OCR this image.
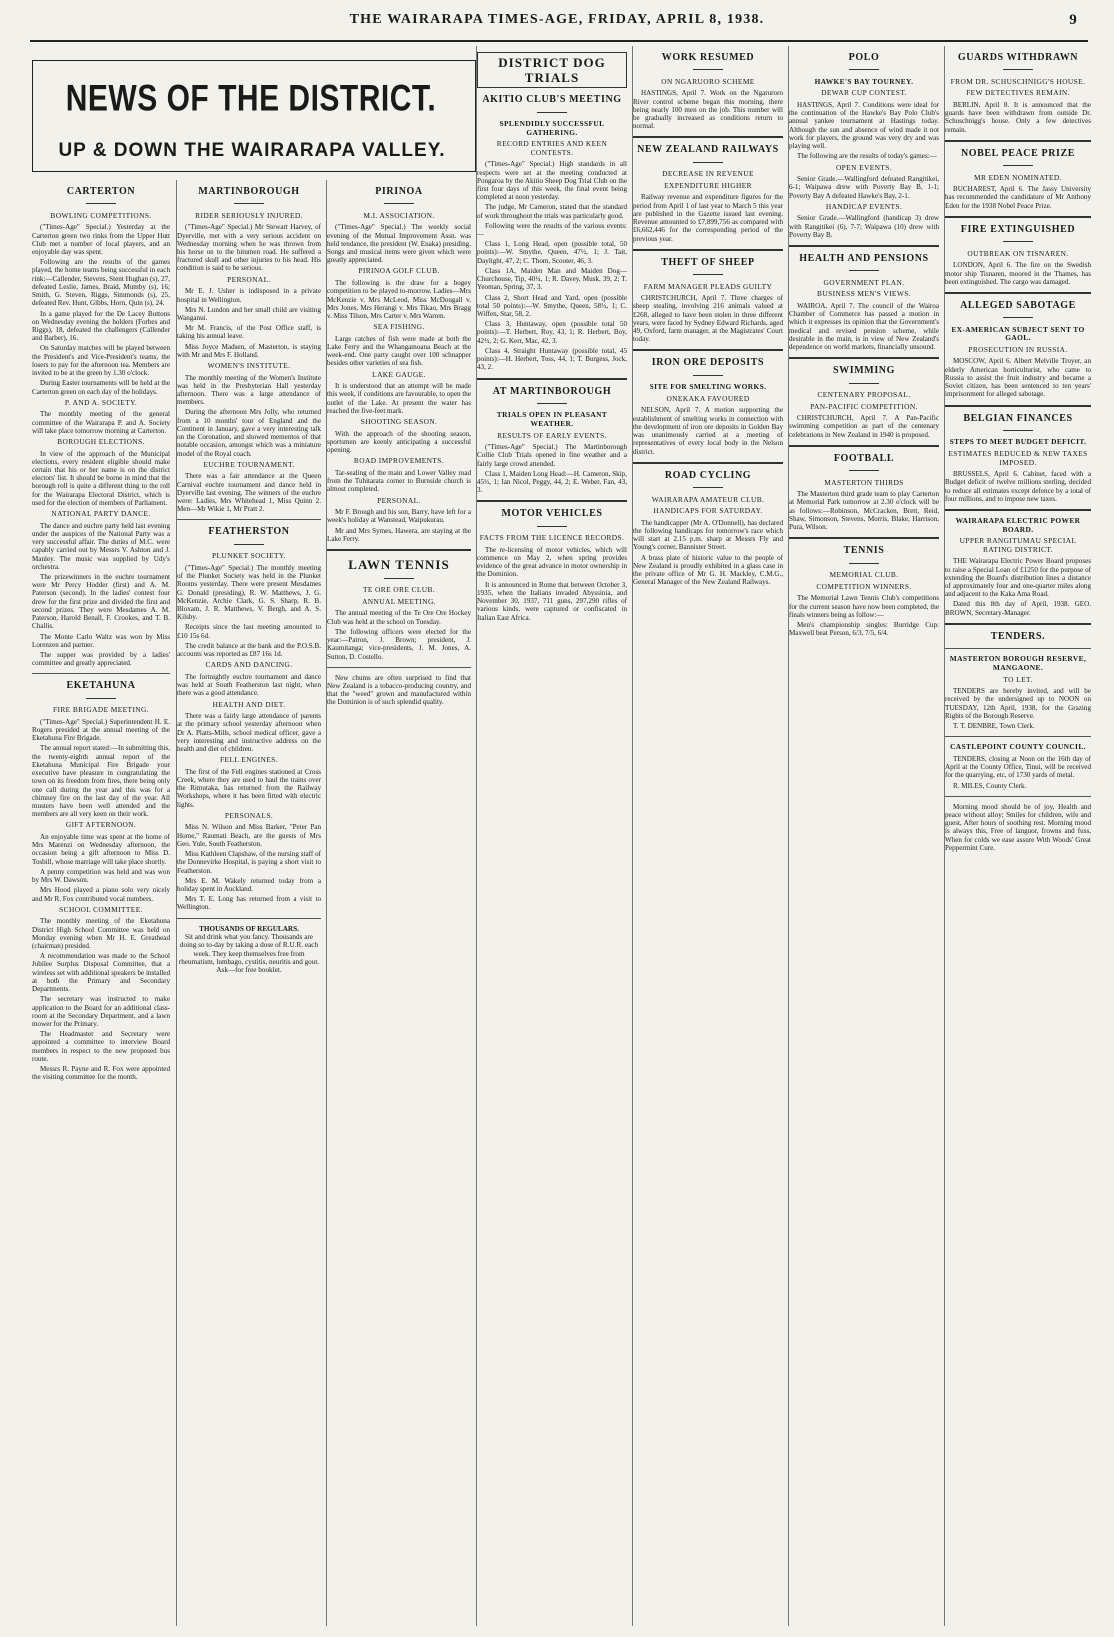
THE WAIRARAPA TIMES-AGE, FRIDAY, APRIL 8, 1938.	9
NEWS OF THE DISTRICT.
UP & DOWN THE WAIRARAPA VALLEY.
CARTERTON
BOWLING COMPETITIONS.

("Times-Age" Special.) Yesterday at the Carterton green two rinks from the Upper Hutt Club met a number of local players, and an enjoyable day was spent.

Following are the results of the games played, the home teams being successful in each rink:—Callender, Stevens, Stent Hughan (s), 27, defeated Leslie, James, Braid, Mumby (s), 16; Smith, G. Steven, Riggs, Simmonds (s), 25, defeated Rev. Hunt, Gibbs, Horn, Quin (s), 24.

In a game played for the De Lacey Buttons on Wednesday evening the holders (Forbes and Riggs), 18, defeated the challengers (Callender and Barber), 16.

On Saturday matches will be played between the President's and Vice-President's teams, the losers to pay for the afternoon tea. Members are invited to be at the green by 1.30 o'clock.

During Easter tournaments will be held at the Carterton green on each day of the holidays.

P. AND A. SOCIETY.

The monthly meeting of the general committee of the Wairarapa P. and A. Society will take place tomorrow morning at Carterton.

BOROUGH ELECTIONS.

In view of the approach of the Municipal elections, every resident eligible should make certain that his or her name is on the district electors' list. It should be borne in mind that the borough roll is quite a different thing to the roll for the Wairarapa Electoral District, which is used for the election of members of Parliament.

NATIONAL PARTY DANCE.

The dance and euchre party held last evening under the auspices of the National Party was a very successful affair. The duties of M.C. were capably carried out by Messrs V. Ashton and J. Manley. The music was supplied by Udy's orchestra.

The prizewinners in the euchre tournament were Mr Percy Hodder (first) and A. M. Paterson (second). In the ladies' contest four drew for the first prize and divided the first and second prizes. They were Mesdames A. M. Paterson, Harold Benall, F. Crookes, and T. B. Challis.

The Monte Carlo Waltz was won by Miss Lorenzen and partner.

The supper was provided by a ladies' committee and greatly appreciated.

EKETAHUNA
FIRE BRIGADE MEETING.

("Times-Age" Special.) Superintendent H. E. Rogers presided at the annual meeting of the Eketahuna Fire Brigade.

The annual report stated:—In submitting this, the twenty-eighth annual report of the Eketahuna Municipal Fire Brigade your executive have pleasure in congratulating the town on its freedom from fires, there being only one call during the year and this was for a chimney fire on the last day of the year. All musters have been well attended and the members are all very keen on their work.

GIFT AFTERNOON.

An enjoyable time was spent at the home of Mrs Marenzi on Wednesday afternoon, the occasion being a gift afternoon to Miss D. Tosbill, whose marriage will take place shortly.

A penny competition was held and was won by Mrs W. Dawson.

Mrs Hood played a piano solo very nicely and Mr R. Fox contributed vocal numbers.

SCHOOL COMMITTEE.

The monthly meeting of the Eketahuna District High School Committee was held on Monday evening when Mr H. E. Greathead (chairman) presided.

A recommendation was made to the School Jubilee Surplus Disposal Committee, that a wireless set with additional speakers be installed at both the Primary and Secondary Departments.

The secretary was instructed to make application to the Board for an additional class-room at the Secondary Department, and a lawn mower for the Primary.

The Headmaster and Secretary were appointed a committee to interview Board members in respect to the new proposed bus route.

Messrs R. Payne and R. Fox were appointed the visiting committee for the month.

MARTINBOROUGH
RIDER SERIOUSLY INJURED.

("Times-Age" Special.) Mr Stewart Harvey, of Dyerville, met with a very serious accident on Wednesday morning when he was thrown from his horse on to the bitumen road. He suffered a fractured skull and other injuries to his head. His condition is said to be serious.

PERSONAL.

Mr E. J. Usher is indisposed in a private hospital in Wellington.

Mrs N. Lundon and her small child are visiting Wanganui.

Mr M. Francis, of the Post Office staff, is taking his annual leave.

Miss Joyce Madsen, of Masterton, is staying with Mr and Mrs F. Holland.

WOMEN'S INSTITUTE.

The monthly meeting of the Women's Institute was held in the Presbyterian Hall yesterday afternoon. There was a large attendance of members.

During the afternoon Mrs Jolly, who returned from a 10 months' tour of England and the Continent in January, gave a very interesting talk on the Coronation, and showed mementos of that notable occasion, amongst which was a miniature model of the Royal coach.

EUCHRE TOURNAMENT.

There was a fair attendance at the Queen Carnival euchre tournament and dance held in Dyerville last evening. The winners of the euchre were: Ladies, Mrs Whitehead 1, Miss Quinn 2. Men—Mr Wikie 1, Mr Pratt 2.

FEATHERSTON
PLUNKET SOCIETY.

("Times-Age" Special.) The monthly meeting of the Plunket Society was held in the Plunket Rooms yesterday. There were present Mesdames G. Donald (presiding), R. W. Matthews, J. G. McKenzie, Archie Clark, G. S. Sharp, R. B. Bloxam, J. R. Matthews, V. Bergh, and A. S. Kilsby.

Receipts since the last meeting amounted to £10 15s 6d.

The credit balance at the bank and the P.O.S.B. accounts was reported as £87 16s 1d.

CARDS AND DANCING.

The fortnightly euchre tournament and dance was held at South Featherston last night, when there was a good attendance.

HEALTH AND DIET.

There was a fairly large attendance of parents at the primary school yesterday afternoon when Dr A. Platts-Mills, school medical officer, gave a very interesting and instructive address on the health and diet of children.

FELL ENGINES.

The first of the Fell engines stationed at Cross Creek, where they are used to haul the trains over the Rimutaka, has returned from the Railway Workshops, where it has been fitted with electric lights.

PERSONALS.

Miss N. Wilson and Miss Barker, "Peter Pan Home," Raumati Beach, are the guests of Mrs Geo. Yule, South Featherston.

Miss Kathleen Clapshaw, of the nursing staff of the Donnevirke Hospital, is paying a short visit to Featherston.

Mrs E. M. Wakely returned today from a holiday spent in Auckland.

Mrs T. E. Long has returned from a visit to Wellington.

THOUSANDS OF REGULARS.
Sit and drink what you fancy. Thousands are doing so to-day by taking a dose of R.U.R. each week. They keep themselves free from rheumatism, lumbago, cystitis, neuritis and gout. Ask—for free booklet.
PIRINOA
M.I. ASSOCIATION.

("Times-Age" Special.) The weekly social evening of the Mutual Improvement Assn. was held tendance, the president (W. Enaka) presiding. Songs and musical items were given which were greatly appreciated.

PIRINOA GOLF CLUB.

The following is the draw for a bogey competition to be played to-morrow. Ladies—Mrs McKenzie v. Mrs McLeod, Miss McDougall v. Mrs Jones, Mrs Herangi v. Mrs Tikao, Mrs Bragg v. Miss Tilson, Mrs Carter v. Mrs Warren.

SEA FISHING.

Large catches of fish were made at both the Lake Ferry and the Whangamoana Beach at the week-end. One party caught over 100 schnapper besides other varieties of sea fish.

LAKE GAUGE.

It is understood that an attempt will be made this week, if conditions are favourable, to open the outlet of the Lake. At present the water has reached the five-feet mark.

SHOOTING SEASON.

With the approach of the shooting season, sportsmen are keenly anticipating a successful opening.

ROAD IMPROVEMENTS.

Tar-sealing of the main and Lower Valley road from the Tuhitarata corner to Burnside church is almost completed.

PERSONAL.

Mr F. Brough and his son, Barry, have left for a week's holiday at Wanstead, Waipukurau.

Mr and Mrs Symes, Hawera, are staying at the Lake Ferry.

LAWN TENNIS
TE ORE ORE CLUB.
ANNUAL MEETING.

The annual meeting of the Te Ore Ore Hockey Club was held at the school on Tuesday.

The following officers were elected for the year:—Patron, J. Brown; president, J. Kaumitanga; vice-presidents, J. M. Jones, A. Sutton, D. Costello.

New chums are often surprised to find that New Zealand is a tobacco-producing country, and that the "weed" grown and manufactured within the Dominion is of such splendid quality.

DISTRICT DOG TRIALS
AKITIO CLUB'S MEETING
SPLENDIDLY SUCCESSFUL GATHERING.
RECORD ENTRIES AND KEEN CONTESTS.

("Times-Age" Special.) High standards in all respects were set at the meeting conducted at Pongaroa by the Akitio Sheep Dog Trial Club on the first four days of this week, the final event being completed at noon yesterday.

The judge, Mr Cameron, stated that the standard of work throughout the trials was particularly good.

Following were the results of the various events:—

Class 1, Long Head, open (possible total, 50 points):—W. Smythe, Queen, 47½, 1; J. Tait, Daylight, 47, 2; C. Thom, Scooter, 46, 3.

Class 1A, Maiden Man and Maiden Dog—Churchouse, Tip, 40¼, 1; R. Davey, Musk, 39, 2; T. Yeoman, Spring, 37, 3.

Class 2, Short Head and Yard, open (possible total 50 points):—W. Smythe, Queen, 58½, 1; C. Wiffen, Star, 58, 2.

Class 3, Huntaway, open (possible total 50 points):—T. Herbert, Roy, 43, 1; R. Herbert, Boy, 42½, 2; G. Kerr, Mac, 42, 3.

Class 4, Straight Huntaway (possible total, 45 points):—H. Herbert, Toss, 44, 1; T. Burgess, Jock, 43, 2.

AT MARTINBOROUGH
TRIALS OPEN IN PLEASANT WEATHER.
RESULTS OF EARLY EVENTS.

("Times-Age" Special.) The Martinborough Collie Club Trials opened in fine weather and a fairly large crowd attended.

Class 1, Maiden Long Head:—H. Cameron, Skip, 45½, 1; Ian Nicol, Peggy, 44, 2; E. Weber, Fan, 43, 3.

MOTOR VEHICLES
FACTS FROM THE LICENCE RECORDS.

The re-licensing of motor vehicles, which will commence on May 2, when spring provides evidence of the great advance in motor ownership in the Dominion.

It is announced in Rome that between October 3, 1935, when the Italians invaded Abyssinia, and November 30, 1937, 711 guns, 297,290 rifles of various kinds, were captured or confiscated in Italian East Africa.

WORK RESUMED
ON NGARUORO SCHEME

HASTINGS, April 7. Work on the Ngaruroro River control scheme began this morning, there being nearly 100 men on the job. This number will be gradually increased as conditions return to normal.

NEW ZEALAND RAILWAYS
DECREASE IN REVENUE
EXPENDITURE HIGHER

Railway revenue and expenditure figures for the period from April 1 of last year to March 5 this year are published in the Gazette issued last evening. Revenue amounted to £7,899,756 as compared with £6,662,446 for the corresponding period of the previous year.

THEFT OF SHEEP
FARM MANAGER PLEADS GUILTY

CHRISTCHURCH, April 7. Three charges of sheep stealing, involving 216 animals valued at £268, alleged to have been stolen in three different years, were faced by Sydney Edward Richards, aged 49, Oxford, farm manager, at the Magistrates' Court today.

IRON ORE DEPOSITS
SITE FOR SMELTING WORKS.
ONEKAKA FAVOURED

NELSON, April 7. A motion supporting the establishment of smelting works in connection with the development of iron ore deposits in Golden Bay was unanimously carried at a meeting of representatives of every local body in the Nelson district.

ROAD CYCLING
WAIRARAPA AMATEUR CLUB.
HANDICAPS FOR SATURDAY.

The handicapper (Mr A. O'Donnell), has declared the following handicaps for tomorrow's race which will start at 2.15 p.m. sharp at Messrs Fly and Young's corner, Bannister Street.

A brass plate of historic value to the people of New Zealand is proudly exhibited in a glass case in the private office of Mr G. H. Mackley, C.M.G., General Manager of the New Zealand Railways.

POLO
HAWKE'S BAY TOURNEY.
DEWAR CUP CONTEST.

HASTINGS, April 7. Conditions were ideal for the continuation of the Hawke's Bay Polo Club's annual yankee tournament at Hastings today. Although the sun and absence of wind made it not work for players, the ground was very dry and was playing well.

The following are the results of today's games:—

OPEN EVENTS.

Senior Grade.—Wallingford defeated Rangitikei, 6-1; Waipawa drew with Poverty Bay B, 1-1; Poverty Bay A defeated Hawke's Bay, 2-1.

HANDICAP EVENTS.

Senior Grade.—Wallingford (handicap 3) drew with Rangitikei (6), 7-7; Waipawa (10) drew with Poverty Bay B.

HEALTH AND PENSIONS
GOVERNMENT PLAN.
BUSINESS MEN'S VIEWS.

WAIROA, April 7. The council of the Wairoa Chamber of Commerce has passed a motion in which it expresses its opinion that the Government's medical and revised pension scheme, while desirable in the main, is in view of New Zealand's dependence on world markets, financially unsound.

SWIMMING
CENTENARY PROPOSAL.
PAN-PACIFIC COMPETITION.

CHRISTCHURCH, April 7. A Pan-Pacific swimming competition as part of the centenary celebrations in New Zealand in 1940 is proposed.

FOOTBALL
MASTERTON THIRDS

The Masterton third grade team to play Carterton at Memorial Park tomorrow at 2.30 o'clock will be as follows:—Robinson, McCracken, Brett, Reid, Shaw, Simonson, Stevens, Morris, Blake, Harrison, Pura, Wilson.

TENNIS
MEMORIAL CLUB.
COMPETITION WINNERS.

The Memorial Lawn Tennis Club's competitions for the current season have now been completed, the finals winners being as follow:—

Men's championship singles: Burridge Cup: Maxwell beat Person, 6/3, 7/5, 6/4.

GUARDS WITHDRAWN
FROM DR. SCHUSCHNIGG'S HOUSE.
FEW DETECTIVES REMAIN.

BERLIN, April 8. It is announced that the guards have been withdrawn from outside Dr. Schuschnigg's house. Only a few detectives remain.

NOBEL PEACE PRIZE
MR EDEN NOMINATED.

BUCHAREST, April 6. The Jassy University has recommended the candidature of Mr Anthony Eden for the 1938 Nobel Peace Prize.

FIRE EXTINGUISHED
OUTBREAK ON TISNAREN.

LONDON, April 6. The fire on the Swedish motor ship Tisnaren, moored in the Thames, has been extinguished. The cargo was damaged.

ALLEGED SABOTAGE
EX-AMERICAN SUBJECT SENT TO GAOL.
PROSECUTION IN RUSSIA.

MOSCOW, April 6. Albert Melville Troyer, an elderly American horticulturist, who came to Russia to assist the fruit industry and became a Soviet citizen, has been sentenced to ten years' imprisonment for alleged sabotage.

BELGIAN FINANCES
STEPS TO MEET BUDGET DEFICIT.
ESTIMATES REDUCED & NEW TAXES IMPOSED.

BRUSSELS, April 6. Cabinet, faced with a Budget deficit of twelve millions sterling, decided to reduce all estimates except defence by a total of four millions, and to impose new taxes.

WAIRARAPA ELECTRIC POWER BOARD.
UPPER RANGITUMAU SPECIAL RATING DISTRICT.

THE Wairarapa Electric Power Board proposes to raise a Special Loan of £1250 for the purpose of extending the Board's distribution lines a distance of approximately four and one-quarter miles along and adjacent to the Kaka Ama Road.

Dated this 8th day of April, 1938. GEO. BROWN, Secretary-Manager.

TENDERS.
MASTERTON BOROUGH RESERVE, MANGAONE.
TO LET.

TENDERS are hereby invited, and will be received by the undersigned up to NOON on TUESDAY, 12th April, 1938, for the Grazing Rights of the Borough Reserve.

T. T. DENBRE, Town Clerk.

CASTLEPOINT COUNTY COUNCIL.

TENDERS, closing at Noon on the 16th day of April at the County Office, Tinui, will be received for the quarrying, etc, of 1730 yards of metal.

R. MILES, County Clerk.

Morning mood should be of joy, Health and peace without alloy; Smiles for children, wife and guest, After hours of soothing rest. Morning mood is always this, Free of languor, frowns and fuss, When for colds we ease assure With Woods' Great Peppermint Cure.
